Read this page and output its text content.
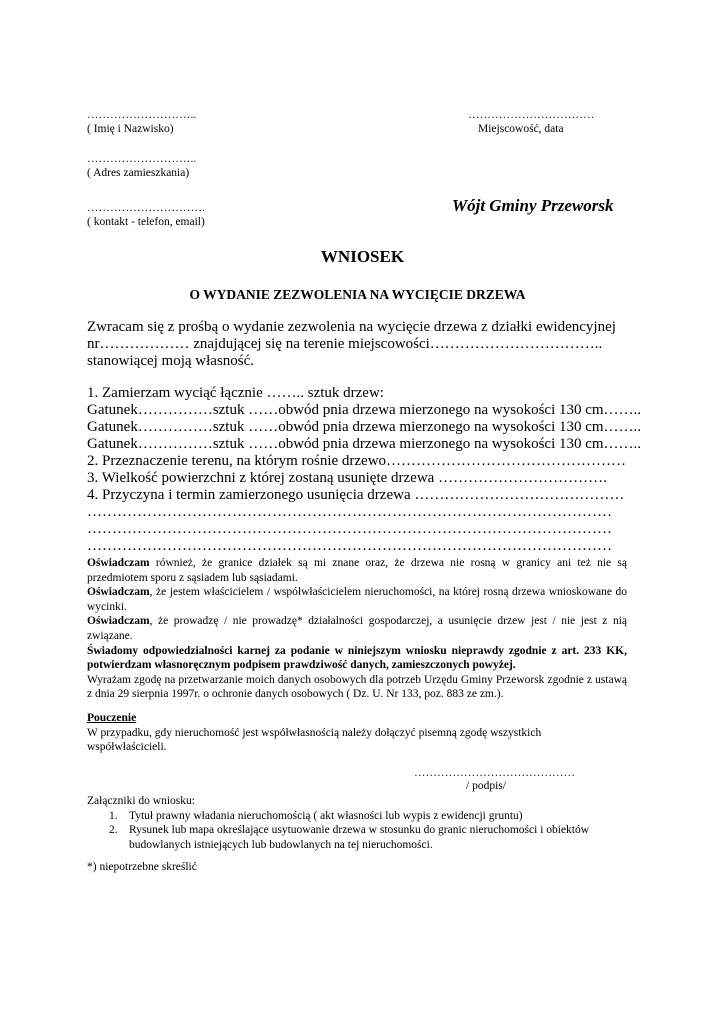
………………………..
( Imię i Nazwisko)
……………………………
Miejscowość, data
………………………..
( Adres zamieszkania)
………………………….
( kontakt - telefon, email)
Wójt Gminy Przeworsk
WNIOSEK
O WYDANIE ZEZWOLENIA NA WYCIĘCIE DRZEWA
Zwracam się z prośbą o wydanie zezwolenia na wycięcie drzewa z działki ewidencyjnej
nr……………… znajdującej się na terenie miejscowości……………………………..
stanowiącej moją własność.
1. Zamierzam wyciąć łącznie …….. sztuk drzew:
Gatunek……………sztuk ……obwód pnia drzewa mierzonego na wysokości 130 cm……..
Gatunek……………sztuk ……obwód pnia drzewa mierzonego na wysokości 130 cm……..
Gatunek……………sztuk ……obwód pnia drzewa mierzonego na wysokości 130 cm……..
2. Przeznaczenie terenu, na którym rośnie drzewo…………………………………………
3. Wielkość powierzchni z której zostaną usunięte drzewa …………………………….
4. Przyczyna i termin zamierzonego usunięcia drzewa ……………………………………
……………………………………………………………………………………………
……………………………………………………………………………………………
……………………………………………………………………………………………
Oświadczam również, że granice działek są mi znane oraz, że drzewa nie rosną w granicy ani też nie są przedmiotem sporu z sąsiadem lub sąsiadami.
Oświadczam, że jestem właścicielem / współwłaścicielem nieruchomości, na której rosną drzewa wnioskowane do wycinki.
Oświadczam, że prowadzę / nie prowadzę* działalności gospodarczej, a usunięcie drzew jest / nie jest z nią związane.
Świadomy odpowiedzialności karnej za podanie w niniejszym wniosku nieprawdy zgodnie z art. 233 KK, potwierdzam własnoręcznym podpisem prawdziwość danych, zamieszczonych powyżej.
Wyrażam zgodę na przetwarzanie moich danych osobowych dla potrzeb Urzędu Gminy Przeworsk zgodnie z ustawą z dnia 29 sierpnia 1997r. o ochronie danych osobowych ( Dz. U. Nr 133, poz. 883 ze zm.).
Pouczenie
W przypadku, gdy nieruchomość jest współwłasnością należy dołączyć pisemną zgodę wszystkich współwłaścicieli.
……………………………………
/ podpis/
Załączniki do wniosku:
1. Tytuł prawny władania nieruchomością ( akt własności lub wypis z ewidencji gruntu)
2. Rysunek lub mapa określające usytuowanie drzewa w stosunku do granic nieruchomości i obiektów budowlanych istniejących lub budowlanych na tej nieruchomości.
*) niepotrzebne skreślić
